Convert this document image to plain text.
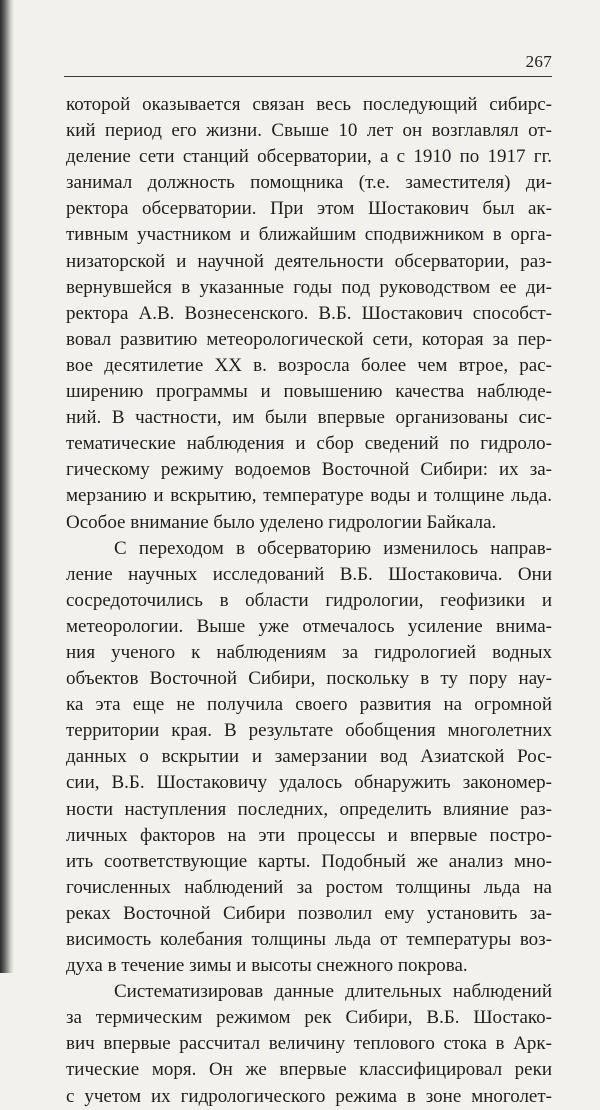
267
которой оказывается связан весь последующий сибирс-
кий период его жизни. Свыше 10 лет он возглавлял от-
деление сети станций обсерватории, а с 1910 по 1917 гг.
занимал должность помощника (т.е. заместителя) ди-
ректора обсерватории. При этом Шостакович был ак-
тивным участником и ближайшим сподвижником в орга-
низаторской и научной деятельности обсерватории, раз-
вернувшейся в указанные годы под руководством ее ди-
ректора А.В. Вознесенского. В.Б. Шостакович способст-
вовал развитию метеорологической сети, которая за пер-
вое десятилетие XX в. возросла более чем втрое, рас-
ширению программы и повышению качества наблюде-
ний. В частности, им были впервые организованы сис-
тематические наблюдения и сбор сведений по гидроло-
гическому режиму водоемов Восточной Сибири: их за-
мерзанию и вскрытию, температуре воды и толщине льда.
Особое внимание было уделено гидрологии Байкала.
С переходом в обсерваторию изменилось направ-
ление научных исследований В.Б. Шостаковича. Они
сосредоточились в области гидрологии, геофизики и
метеорологии. Выше уже отмечалось усиление внима-
ния ученого к наблюдениям за гидрологией водных
объектов Восточной Сибири, поскольку в ту пору нау-
ка эта еще не получила своего развития на огромной
территории края. В результате обобщения многолетних
данных о вскрытии и замерзании вод Азиатской Рос-
сии, В.Б. Шостаковичу удалось обнаружить закономер-
ности наступления последних, определить влияние раз-
личных факторов на эти процессы и впервые постро-
ить соответствующие карты. Подобный же анализ мно-
гочисленных наблюдений за ростом толщины льда на
реках Восточной Сибири позволил ему установить за-
висимость колебания толщины льда от температуры воз-
духа в течение зимы и высоты снежного покрова.
Систематизировав данные длительных наблюдений
за термическим режимом рек Сибири, В.Б. Шостако-
вич впервые рассчитал величину теплового стока в Арк-
тические моря. Он же впервые классифицировал реки
с учетом их гидрологического режима в зоне многолет-
